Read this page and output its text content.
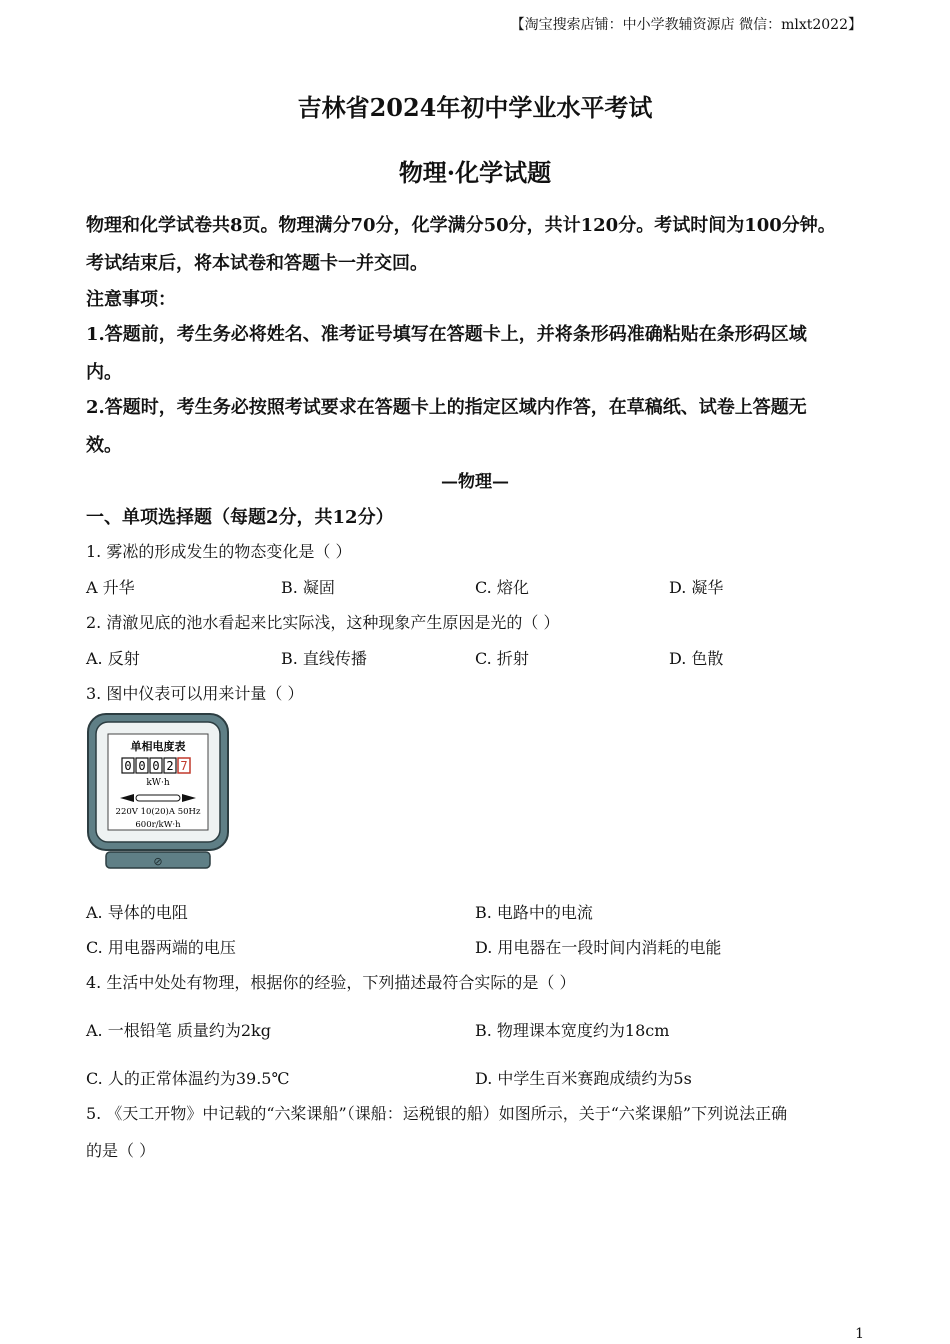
【淘宝搜索店铺：中小学教辅资源店 微信：mlxt2022】
吉林省2024年初中学业水平考试
物理·化学试题
物理和化学试卷共8页。物理满分70分，化学满分50分，共计120分。考试时间为100分钟。
考试结束后，将本试卷和答题卡一并交回。
注意事项：
1.答题前，考生务必将姓名、准考证号填写在答题卡上，并将条形码准确粘贴在条形码区域
内。
2.答题时，考生务必按照考试要求在答题卡上的指定区域内作答，在草稿纸、试卷上答题无
效。
—物理—
一、单项选择题（每题2分，共12分）
1. 雾凇的形成发生的物态变化是（ ）
A 升华	B. 凝固	C. 熔化	D. 凝华
2. 清澈见底的池水看起来比实际浅，这种现象产生原因是光的（ ）
A. 反射	B. 直线传播	C. 折射	D. 色散
3. 图中仪表可以用来计量（ ）
单相电度表
0 0 0 2 7
kW·h
220V 10(20)A 50Hz
600r/kW·h
⊘
A. 导体的电阻	B. 电路中的电流
C. 用电器两端的电压	D. 用电器在一段时间内消耗的电能
4. 生活中处处有物理，根据你的经验，下列描述最符合实际的是（ ）
A. 一根铅笔 质量约为2kg	B. 物理课本宽度约为18cm
C. 人的正常体温约为39.5℃	D. 中学生百米赛跑成绩约为5s
5. 《天工开物》中记载的“六桨课船”（课船：运税银的船）如图所示，关于“六桨课船”下列说法正确
的是（ ）
1
